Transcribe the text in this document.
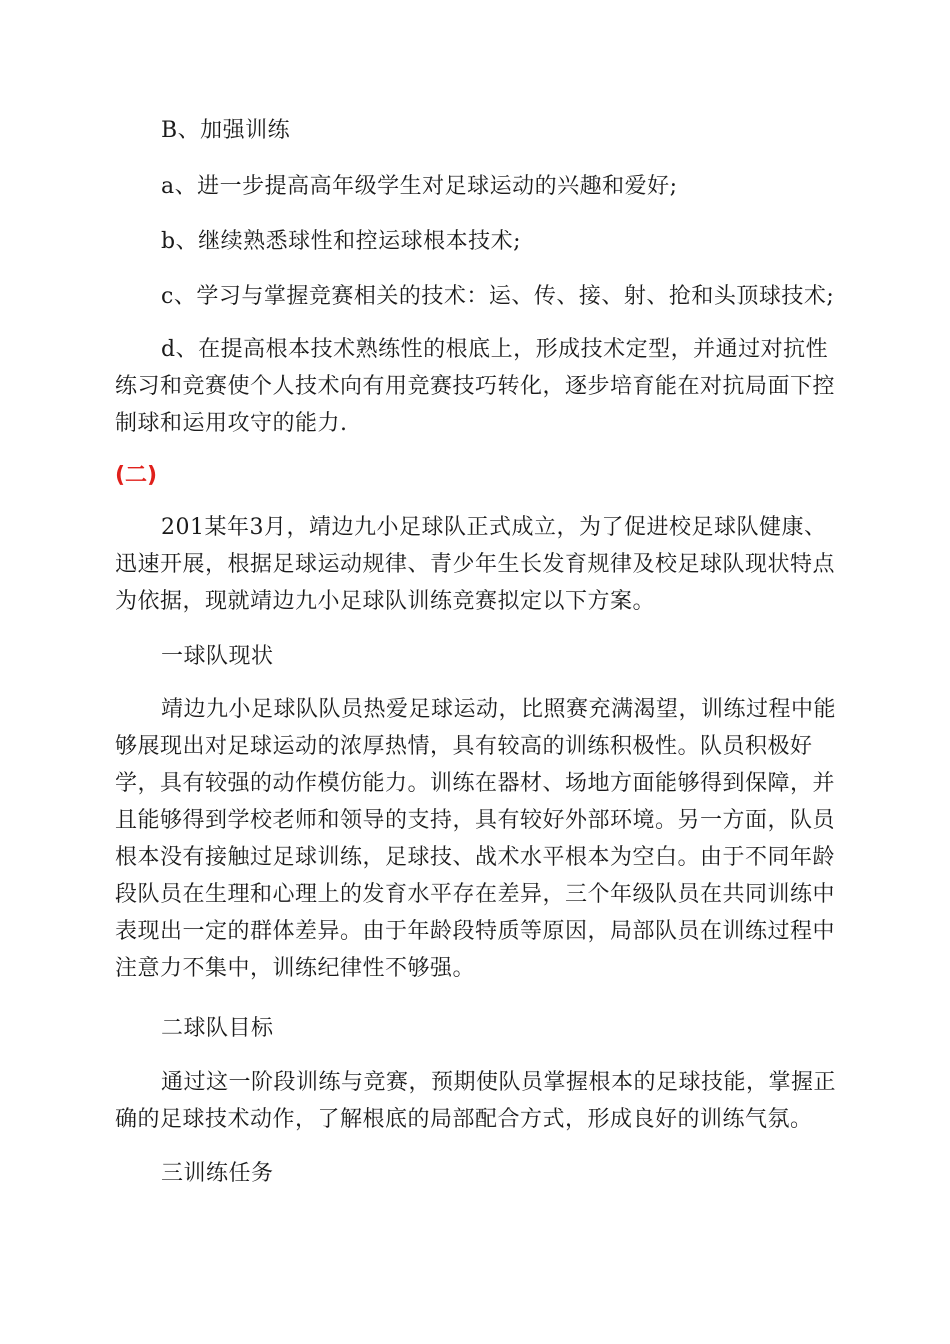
B、加强训练

a、进一步提高高年级学生对足球运动的兴趣和爱好;

b、继续熟悉球性和控运球根本技术;

c、学习与掌握竞赛相关的技术：运、传、接、射、抢和头顶球技术;

d、在提高根本技术熟练性的根底上，形成技术定型，并通过对抗性练习和竞赛使个人技术向有用竞赛技巧转化，逐步培育能在对抗局面下控制球和运用攻守的能力.

(二)

201某年3月，靖边九小足球队正式成立，为了促进校足球队健康、迅速开展，根据足球运动规律、青少年生长发育规律及校足球队现状特点为依据，现就靖边九小足球队训练竞赛拟定以下方案。

一球队现状

靖边九小足球队队员热爱足球运动，比照赛充满渴望，训练过程中能够展现出对足球运动的浓厚热情，具有较高的训练积极性。队员积极好学，具有较强的动作模仿能力。训练在器材、场地方面能够得到保障，并且能够得到学校老师和领导的支持，具有较好外部环境。另一方面，队员根本没有接触过足球训练，足球技、战术水平根本为空白。由于不同年龄段队员在生理和心理上的发育水平存在差异，三个年级队员在共同训练中表现出一定的群体差异。由于年龄段特质等原因，局部队员在训练过程中注意力不集中，训练纪律性不够强。

二球队目标

通过这一阶段训练与竞赛，预期使队员掌握根本的足球技能，掌握正确的足球技术动作，了解根底的局部配合方式，形成良好的训练气氛。

三训练任务
